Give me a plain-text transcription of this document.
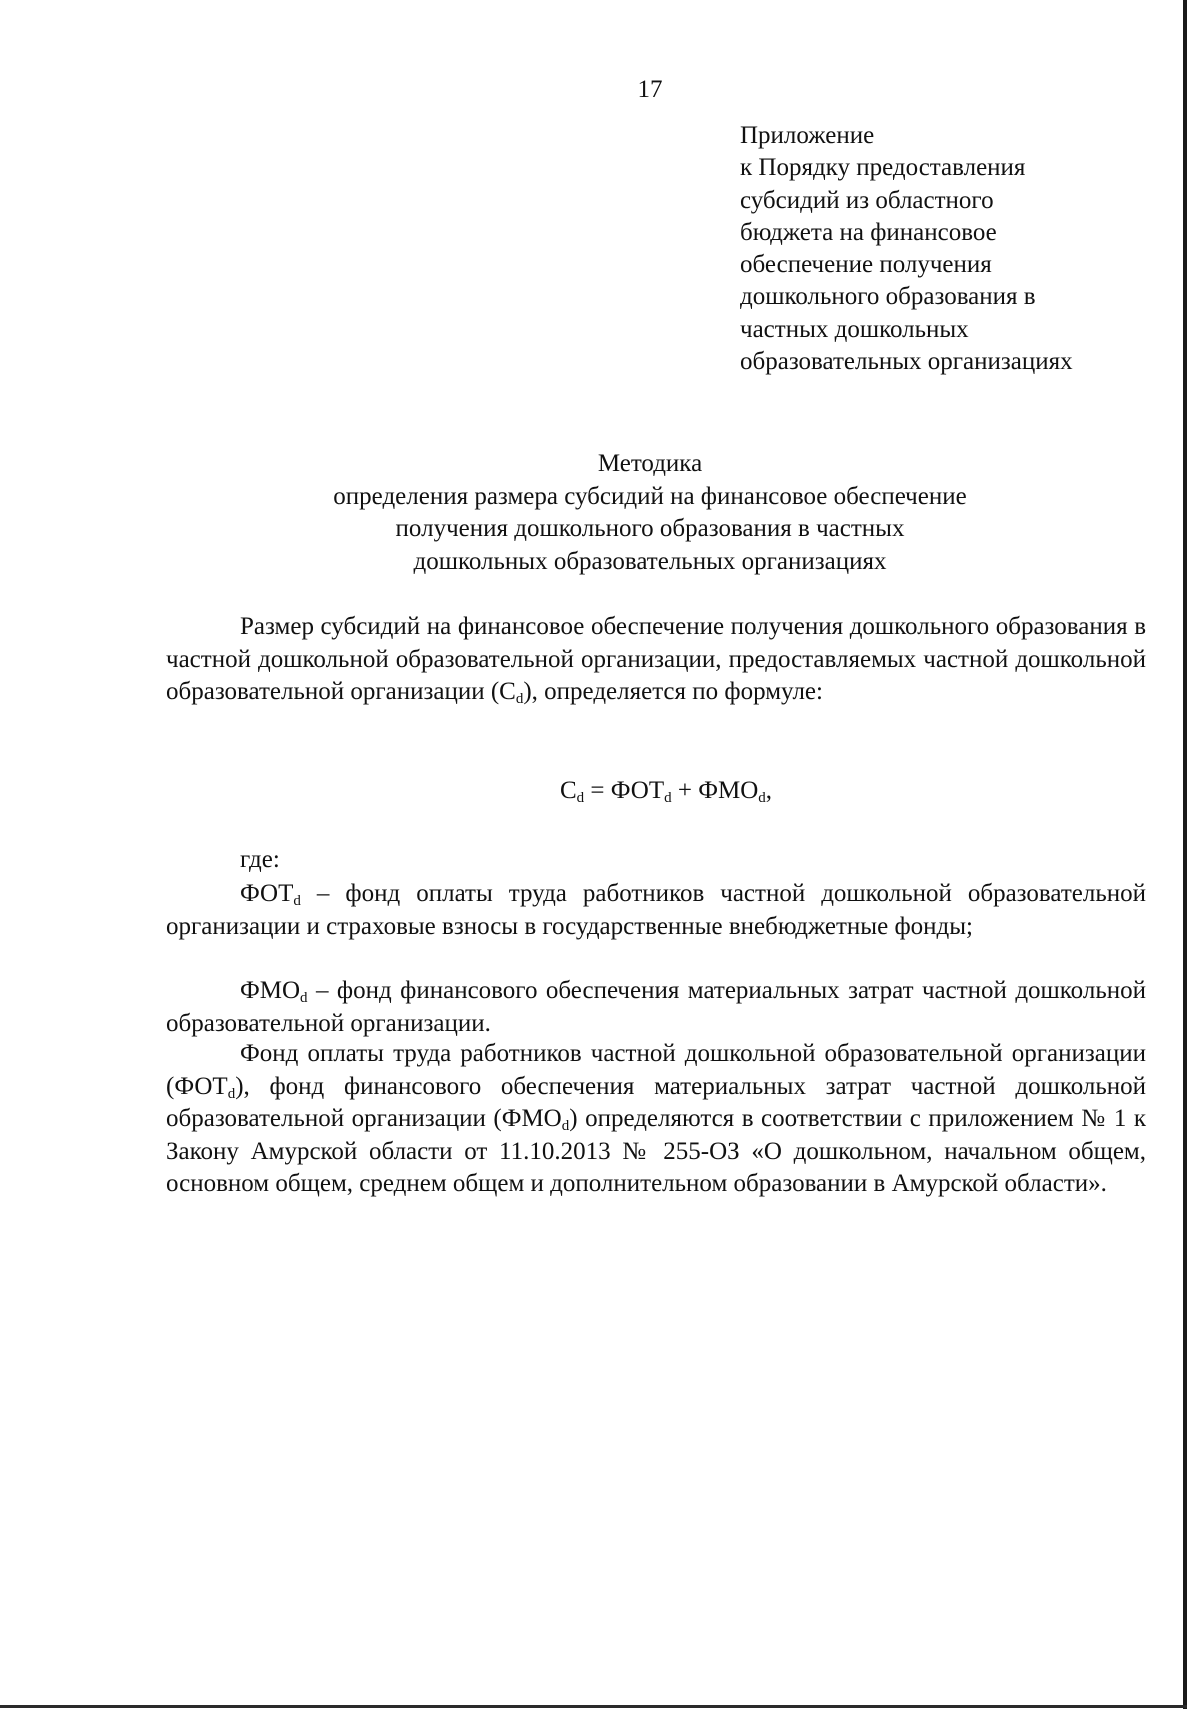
17
Приложение
к Порядку предоставления
субсидий из областного
бюджета на финансовое
обеспечение получения
дошкольного образования в
частных дошкольных
образовательных организациях
Методика
определения размера субсидий на финансовое обеспечение
получения дошкольного образования в частных
дошкольных образовательных организациях
Размер субсидий на финансовое обеспечение получения дошкольного образования в частной дошкольной образовательной организации, предоставляемых частной дошкольной образовательной организации $(C_d)$, определяется по формуле:
$C_d = ФОТ_d + ФМО_d$,
где:
$ФОТ_d$ – фонд оплаты труда работников частной дошкольной образовательной организации и страховые взносы в государственные внебюджетные фонды;
$ФМО_d$ – фонд финансового обеспечения материальных затрат частной дошкольной образовательной организации.
Фонд оплаты труда работников частной дошкольной образовательной организации $(ФОТ_d)$, фонд финансового обеспечения материальных затрат частной дошкольной образовательной организации $(ФМО_d)$ определяются в соответствии с приложением № 1 к Закону Амурской области от 11.10.2013 № 255-ОЗ «О дошкольном, начальном общем, основном общем, среднем общем и дополнительном образовании в Амурской области».
